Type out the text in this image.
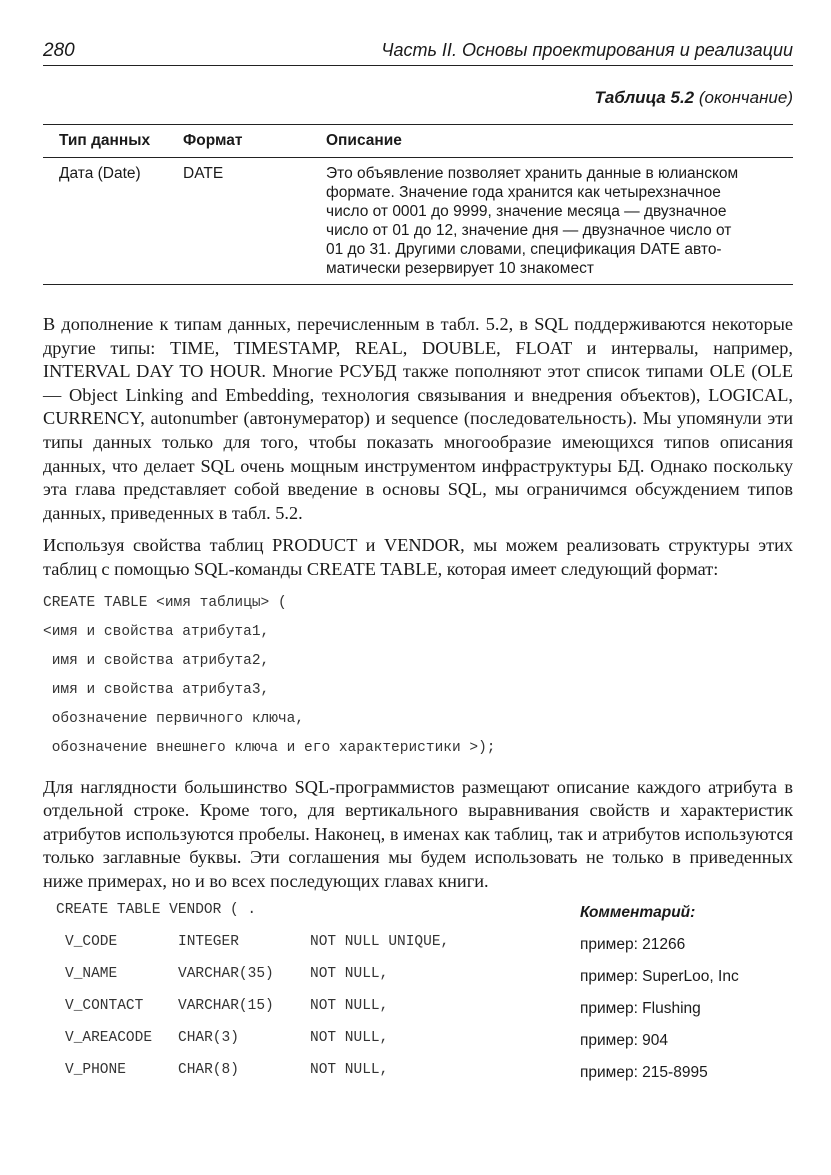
280	Часть II. Основы проектирования и реализации
Таблица 5.2 (окончание)
Тип данных	Формат	Описание
Дата (Date)	DATE	Это объявление позволяет хранить данные в юлианском
формате. Значение года хранится как четырехзначное
число от 0001 до 9999, значение месяца — двузначное
число от 01 до 12, значение дня — двузначное число от
01 до 31. Другими словами, спецификация DATE авто-
матически резервирует 10 знакомест

В дополнение к типам данных, перечисленным в табл. 5.2, в SQL поддерживаются некоторые другие типы: TIME, TIMESTAMP, REAL, DOUBLE, FLOAT и интервалы, например, INTERVAL DAY TO HOUR. Многие РСУБД также пополняют этот список типами OLE (OLE — Object Linking and Embedding, технология связывания и внедрения объектов), LOGICAL, CURRENCY, autonumber (автонумератор) и sequence (последовательность). Мы упомянули эти типы данных только для того, чтобы показать многообразие имеющихся типов описания данных, что делает SQL очень мощным инструментом инфраструктуры БД. Однако поскольку эта глава представляет собой введение в основы SQL, мы ограничимся обсуждением типов данных, приведенных в табл. 5.2.

Используя свойства таблиц PRODUCT и VENDOR, мы можем реализовать структуры этих таблиц с помощью SQL-команды CREATE TABLE, которая имеет следующий формат:

CREATE TABLE <имя таблицы> (
<имя и свойства атрибута1,
имя и свойства атрибута2,
имя и свойства атрибута3,
обозначение первичного ключа,
обозначение внешнего ключа и его характеристики >);

Для наглядности большинство SQL-программистов размещают описание каждого атрибута в отдельной строке. Кроме того, для вертикального выравнивания свойств и характеристик атрибутов используются пробелы. Наконец, в именах как таблиц, так и атрибутов используются только заглавные буквы. Эти соглашения мы будем использовать не только в приведенных ниже примерах, но и во всех последующих главах книги.

CREATE TABLE VENDOR ( .	Комментарий:
V_CODE	INTEGER	NOT NULL UNIQUE,	пример: 21266
V_NAME	VARCHAR(35)	NOT NULL,	пример: SuperLoo, Inc
V_CONTACT VARCHAR(15)	NOT NULL,	пример: Flushing
V_AREACODE CHAR(3)	NOT NULL,	пример: 904
V_PHONE	CHAR(8)	NOT NULL,	пример: 215-8995
